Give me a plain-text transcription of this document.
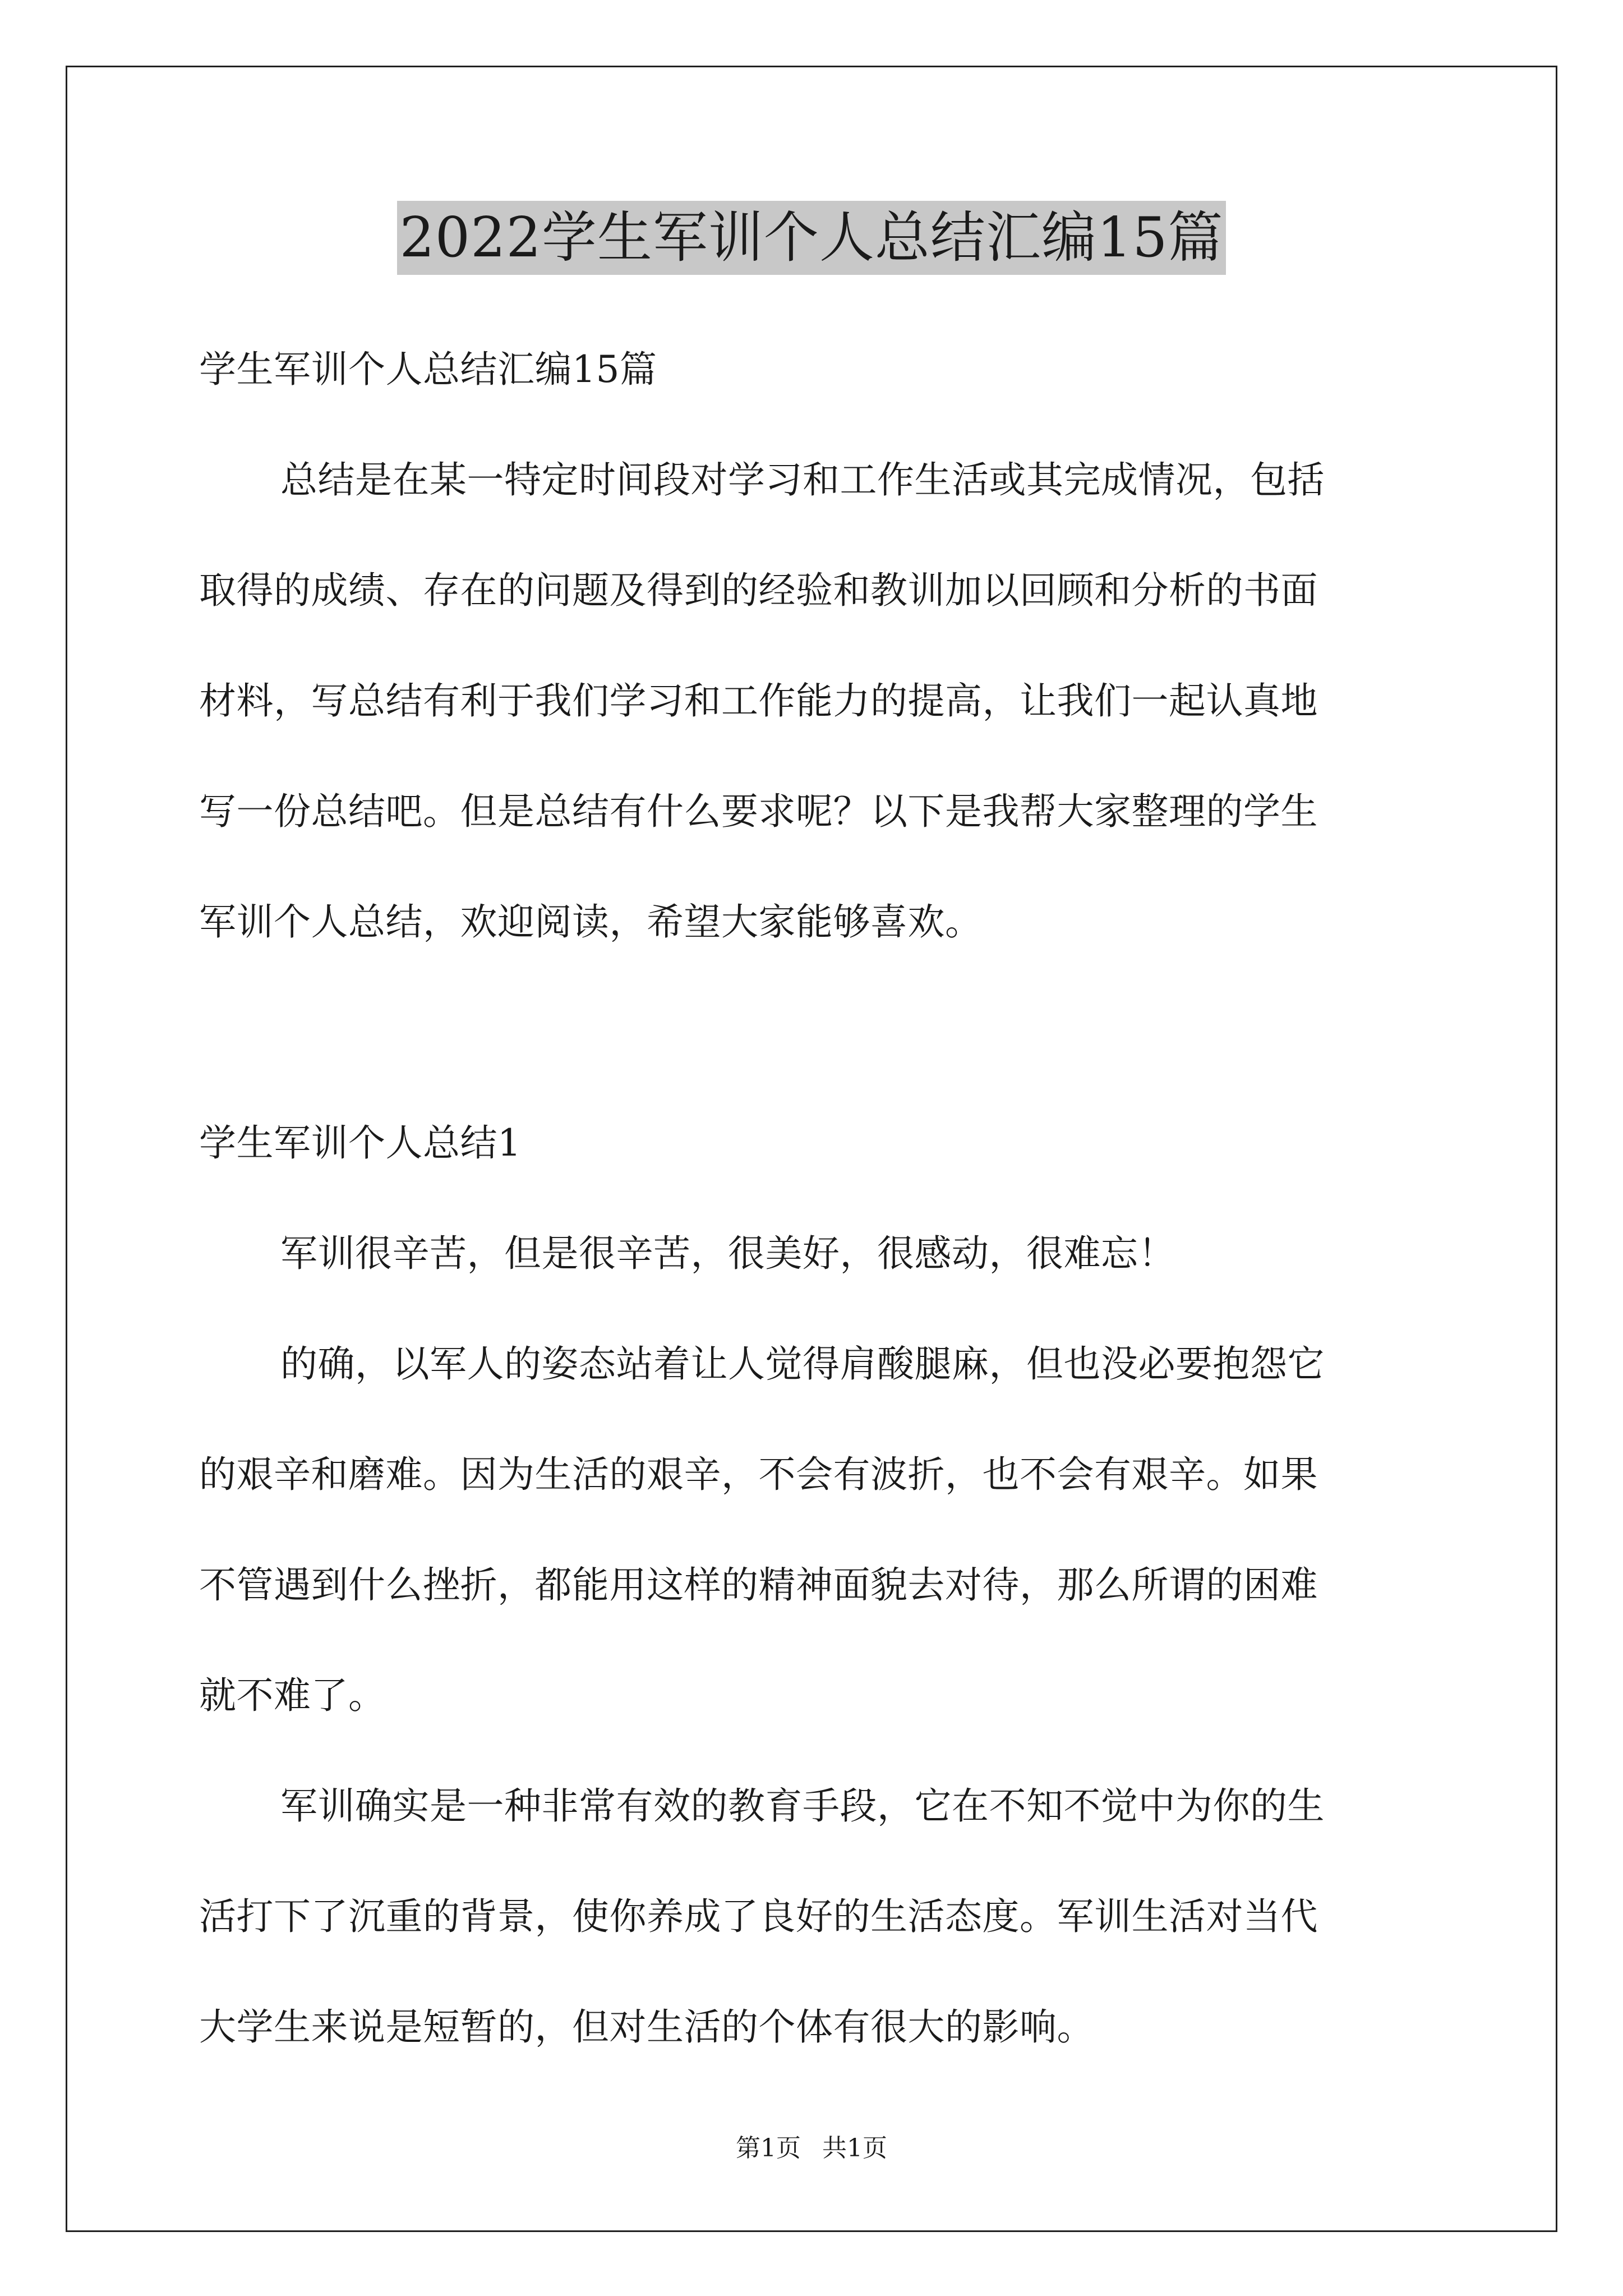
2022学生军训个人总结汇编15篇
学生军训个人总结汇编15篇
总结是在某一特定时间段对学习和工作生活或其完成情况，包括
取得的成绩、存在的问题及得到的经验和教训加以回顾和分析的书面
材料，写总结有利于我们学习和工作能力的提高，让我们一起认真地
写一份总结吧。但是总结有什么要求呢？以下是我帮大家整理的学生
军训个人总结，欢迎阅读，希望大家能够喜欢。
学生军训个人总结1
军训很辛苦，但是很辛苦，很美好，很感动，很难忘！
的确，以军人的姿态站着让人觉得肩酸腿麻，但也没必要抱怨它
的艰辛和磨难。因为生活的艰辛，不会有波折，也不会有艰辛。如果
不管遇到什么挫折，都能用这样的精神面貌去对待，那么所谓的困难
就不难了。
军训确实是一种非常有效的教育手段，它在不知不觉中为你的生
活打下了沉重的背景，使你养成了良好的生活态度。军训生活对当代
大学生来说是短暂的，但对生活的个体有很大的影响。
第1页 共1页
